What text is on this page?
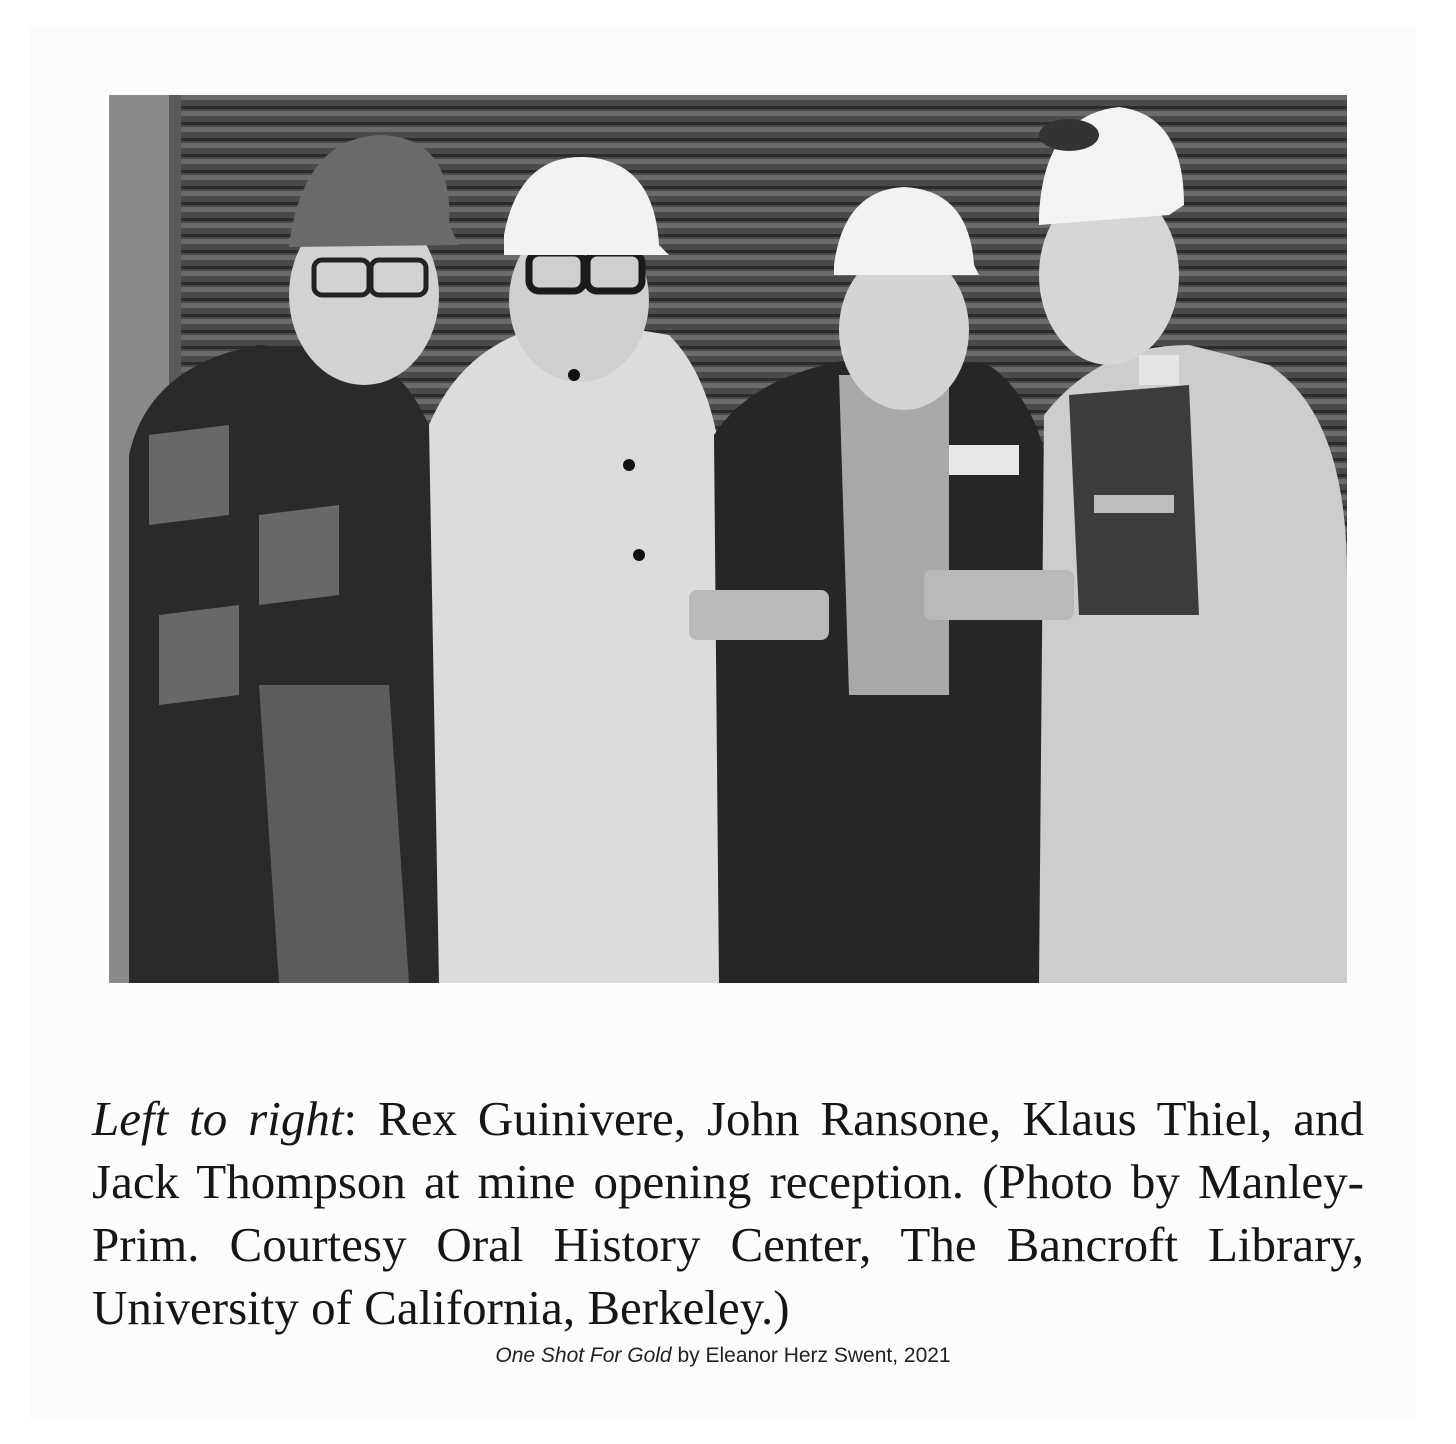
Left to right: Rex Guinivere, John Ransone, Klaus Thiel, and Jack Thompson at mine opening reception. (Photo by Manley-Prim. Courtesy Oral History Center, The Bancroft Library, University of California, Berkeley.)

One Shot For Gold by Eleanor Herz Swent, 2021
